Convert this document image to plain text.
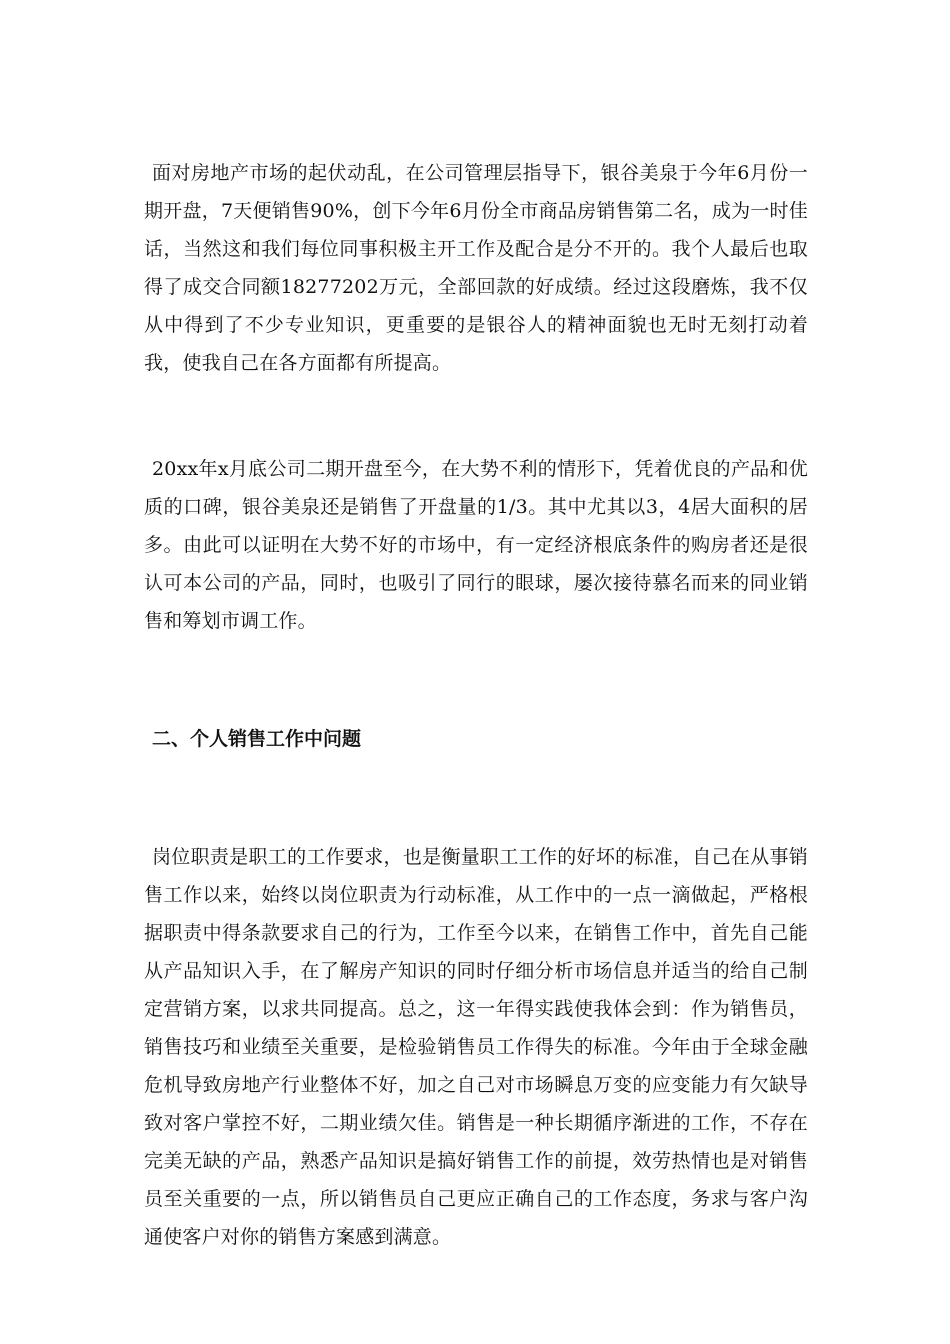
面对房地产市场的起伏动乱，在公司管理层指导下，银谷美泉于今年6月份一期开盘，7天便销售90%，创下今年6月份全市商品房销售第二名，成为一时佳话，当然这和我们每位同事积极主开工作及配合是分不开的。我个人最后也取得了成交合同额18277202万元，全部回款的好成绩。经过这段磨炼，我不仅从中得到了不少专业知识，更重要的是银谷人的精神面貌也无时无刻打动着我，使我自己在各方面都有所提高。

20xx年x月底公司二期开盘至今，在大势不利的情形下，凭着优良的产品和优质的口碑，银谷美泉还是销售了开盘量的1/3。其中尤其以3，4居大面积的居多。由此可以证明在大势不好的市场中，有一定经济根底条件的购房者还是很认可本公司的产品，同时，也吸引了同行的眼球，屡次接待慕名而来的同业销售和筹划市调工作。

二、个人销售工作中问题

岗位职责是职工的工作要求，也是衡量职工工作的好坏的标准，自己在从事销售工作以来，始终以岗位职责为行动标准，从工作中的一点一滴做起，严格根据职责中得条款要求自己的行为，工作至今以来，在销售工作中，首先自己能从产品知识入手，在了解房产知识的同时仔细分析市场信息并适当的给自己制定营销方案，以求共同提高。总之，这一年得实践使我体会到：作为销售员，销售技巧和业绩至关重要，是检验销售员工作得失的标准。今年由于全球金融危机导致房地产行业整体不好，加之自己对市场瞬息万变的应变能力有欠缺导致对客户掌控不好，二期业绩欠佳。销售是一种长期循序渐进的工作，不存在完美无缺的产品，熟悉产品知识是搞好销售工作的前提，效劳热情也是对销售员至关重要的一点，所以销售员自己更应正确自己的工作态度，务求与客户沟通使客户对你的销售方案感到满意。
